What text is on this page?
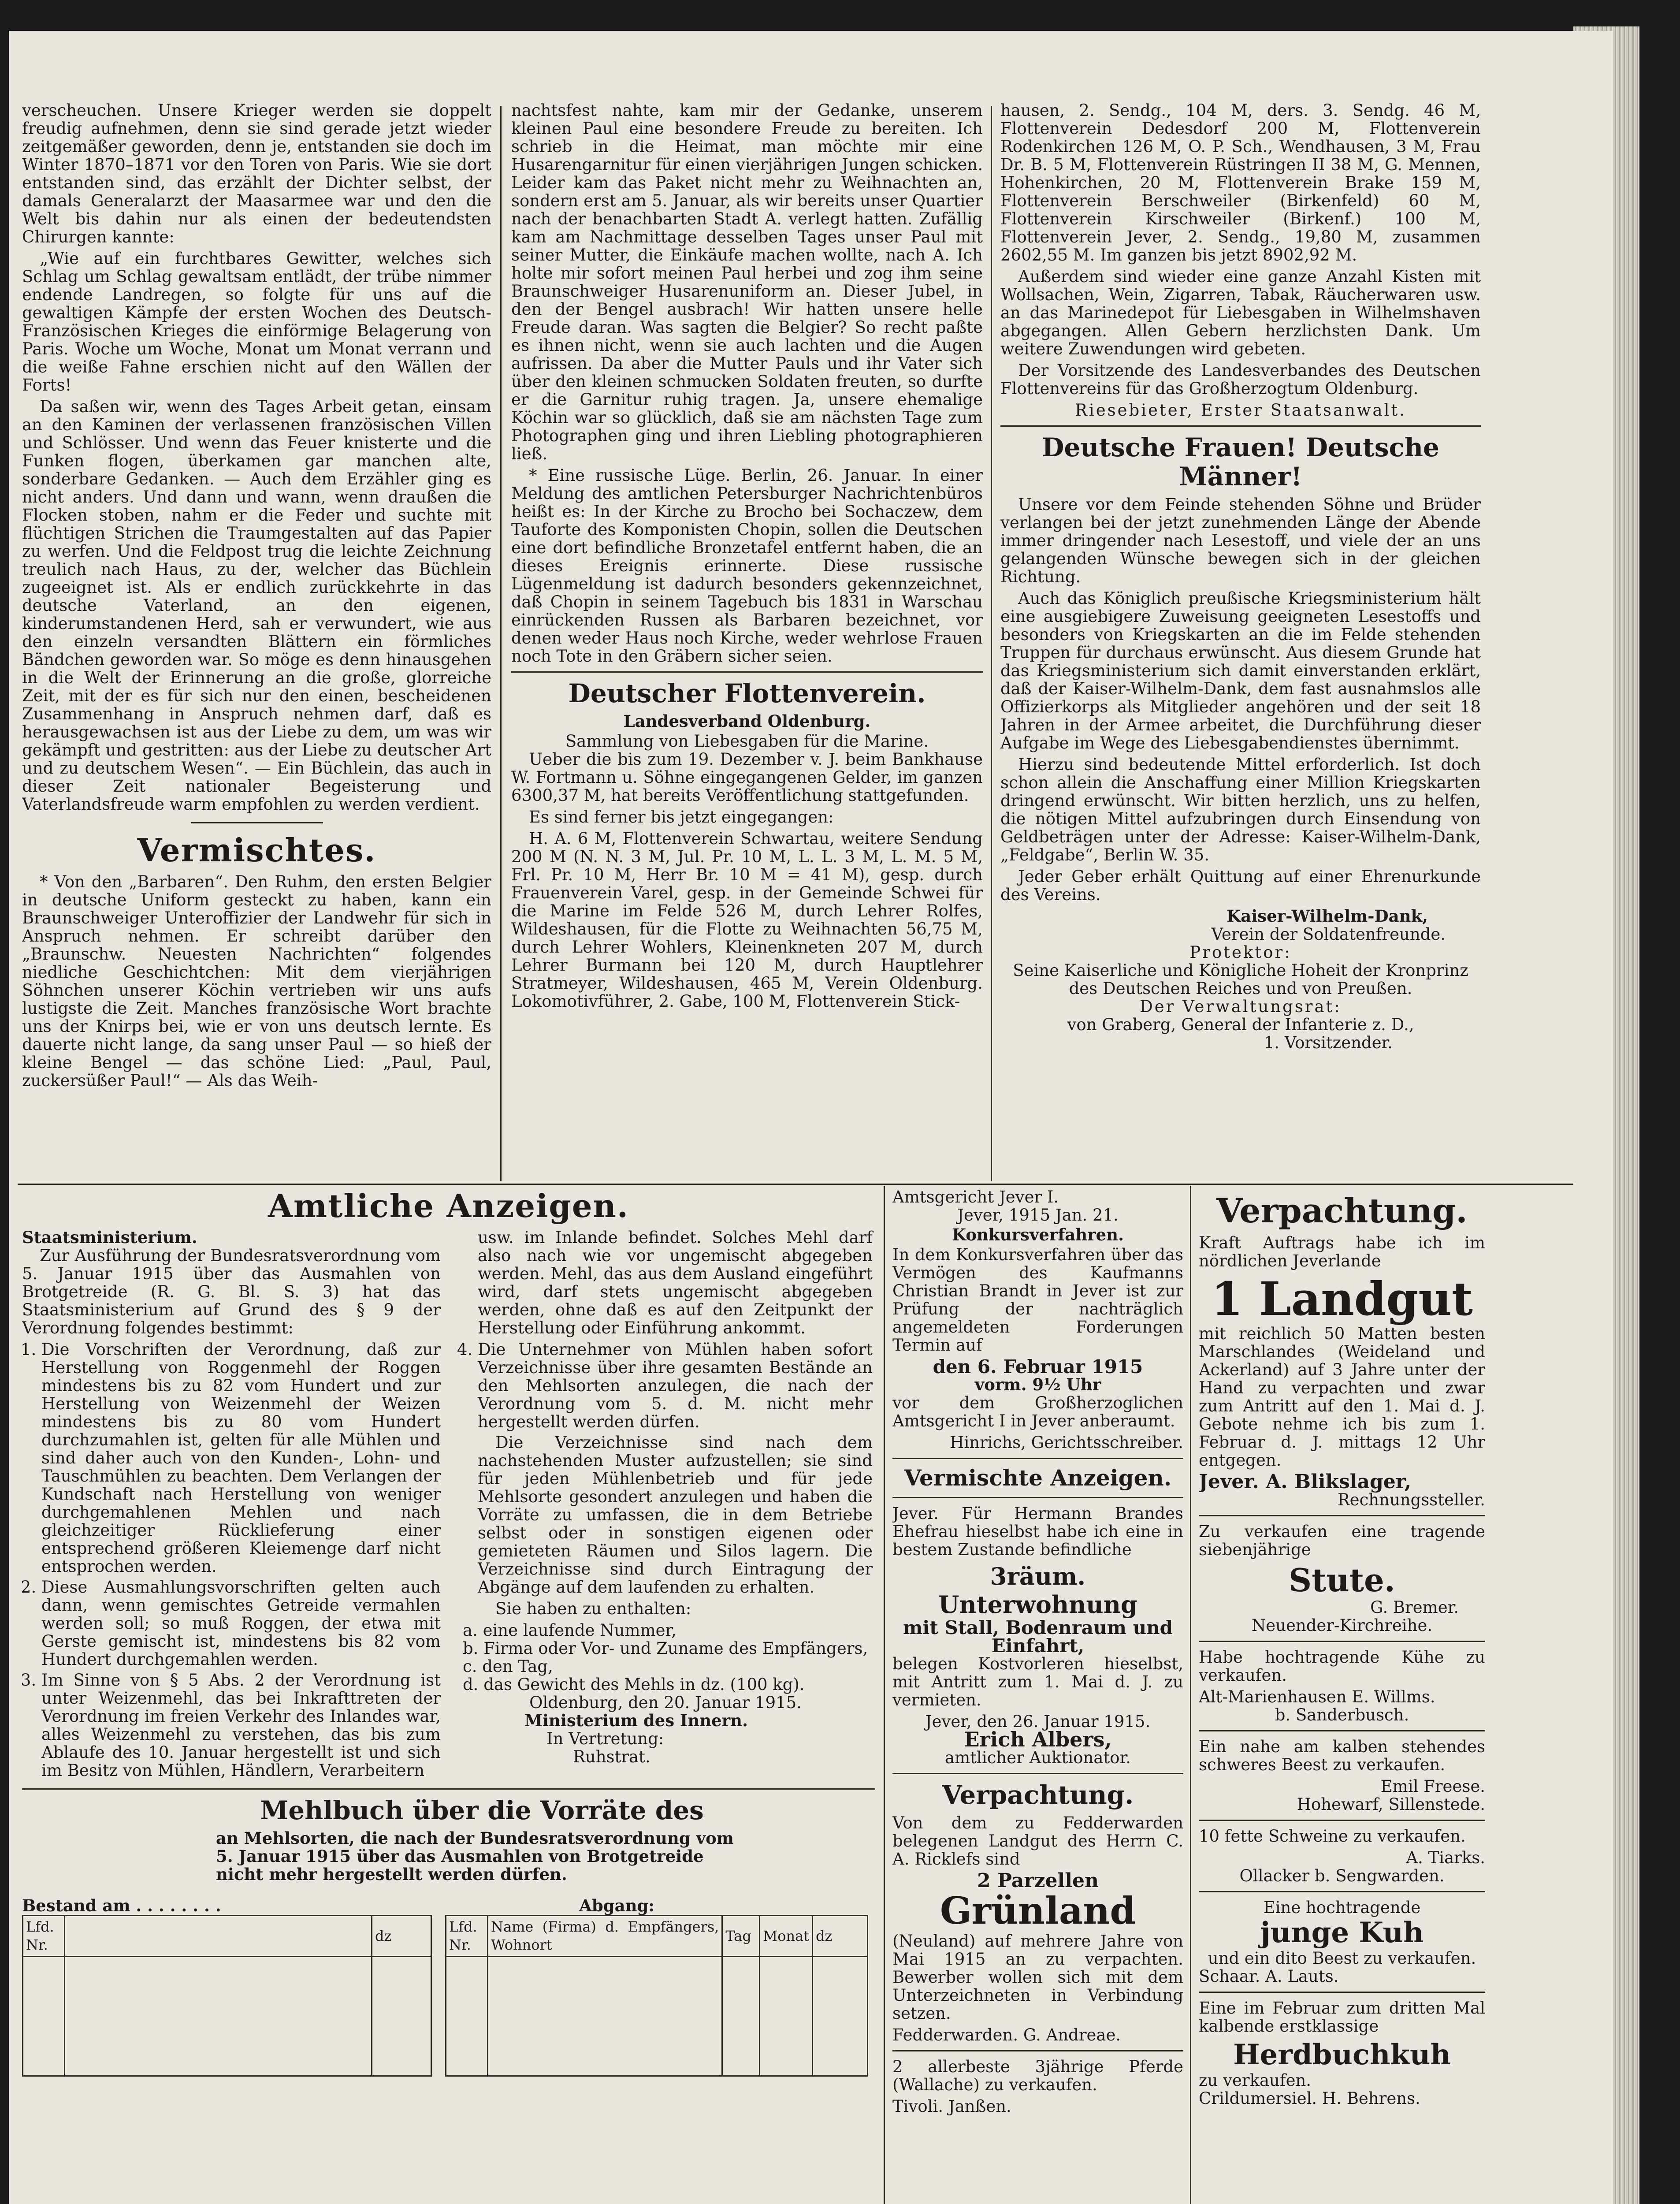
verscheuchen. Unsere Krieger werden sie doppelt freudig aufnehmen, denn sie sind gerade jetzt wieder zeitgemäßer geworden, denn je, entstanden sie doch im Winter 1870–1871 vor den Toren von Paris. Wie sie dort entstanden sind, das erzählt der Dichter selbst, der damals Generalarzt der Maasarmee war und den die Welt bis dahin nur als einen der bedeutendsten Chirurgen kannte:

„Wie auf ein furchtbares Gewitter, welches sich Schlag um Schlag gewaltsam entlädt, der trübe nimmer endende Landregen, so folgte für uns auf die gewaltigen Kämpfe der ersten Wochen des Deutsch-Französischen Krieges die einförmige Belagerung von Paris. Woche um Woche, Monat um Monat verrann und die weiße Fahne erschien nicht auf den Wällen der Forts!

Da saßen wir, wenn des Tages Arbeit getan, einsam an den Kaminen der verlassenen französischen Villen und Schlösser. Und wenn das Feuer knisterte und die Funken flogen, überkamen gar manchen alte, sonderbare Gedanken. — Auch dem Erzähler ging es nicht anders. Und dann und wann, wenn draußen die Flocken stoben, nahm er die Feder und suchte mit flüchtigen Strichen die Traumgestalten auf das Papier zu werfen. Und die Feldpost trug die leichte Zeichnung treulich nach Haus, zu der, welcher das Büchlein zugeeignet ist. Als er endlich zurückkehrte in das deutsche Vaterland, an den eigenen, kinderumstandenen Herd, sah er verwundert, wie aus den einzeln versandten Blättern ein förmliches Bändchen geworden war. So möge es denn hinausgehen in die Welt der Erinnerung an die große, glorreiche Zeit, mit der es für sich nur den einen, bescheidenen Zusammenhang in Anspruch nehmen darf, daß es herausgewachsen ist aus der Liebe zu dem, um was wir gekämpft und gestritten: aus der Liebe zu deutscher Art und zu deutschem Wesen“. — Ein Büchlein, das auch in dieser Zeit nationaler Begeisterung und Vaterlandsfreude warm empfohlen zu werden verdient.

Vermischtes.

* Von den „Barbaren“. Den Ruhm, den ersten Belgier in deutsche Uniform gesteckt zu haben, kann ein Braunschweiger Unteroffizier der Landwehr für sich in Anspruch nehmen. Er schreibt darüber den „Braunschw. Neuesten Nachrichten“ folgendes niedliche Geschichtchen: Mit dem vierjährigen Söhnchen unserer Köchin vertrieben wir uns aufs lustigste die Zeit. Manches französische Wort brachte uns der Knirps bei, wie er von uns deutsch lernte. Es dauerte nicht lange, da sang unser Paul — so hieß der kleine Bengel — das schöne Lied: „Paul, Paul, zuckersüßer Paul!“ — Als das Weih-

nachtsfest nahte, kam mir der Gedanke, unserem kleinen Paul eine besondere Freude zu bereiten. Ich schrieb in die Heimat, man möchte mir eine Husarengarnitur für einen vierjährigen Jungen schicken. Leider kam das Paket nicht mehr zu Weihnachten an, sondern erst am 5. Januar, als wir bereits unser Quartier nach der benachbarten Stadt A. verlegt hatten. Zufällig kam am Nachmittage desselben Tages unser Paul mit seiner Mutter, die Einkäufe machen wollte, nach A. Ich holte mir sofort meinen Paul herbei und zog ihm seine Braunschweiger Husarenuniform an. Dieser Jubel, in den der Bengel ausbrach! Wir hatten unsere helle Freude daran. Was sagten die Belgier? So recht paßte es ihnen nicht, wenn sie auch lachten und die Augen aufrissen. Da aber die Mutter Pauls und ihr Vater sich über den kleinen schmucken Soldaten freuten, so durfte er die Garnitur ruhig tragen. Ja, unsere ehemalige Köchin war so glücklich, daß sie am nächsten Tage zum Photographen ging und ihren Liebling photographieren ließ.

* Eine russische Lüge. Berlin, 26. Januar. In einer Meldung des amtlichen Petersburger Nachrichtenbüros heißt es: In der Kirche zu Brocho bei Sochaczew, dem Tauforte des Komponisten Chopin, sollen die Deutschen eine dort befindliche Bronzetafel entfernt haben, die an dieses Ereignis erinnerte. Diese russische Lügenmeldung ist dadurch besonders gekennzeichnet, daß Chopin in seinem Tagebuch bis 1831 in Warschau einrückenden Russen als Barbaren bezeichnet, vor denen weder Haus noch Kirche, weder wehrlose Frauen noch Tote in den Gräbern sicher seien.

Deutscher Flottenverein.
Landesverband Oldenburg.
Sammlung von Liebesgaben für die Marine.

Ueber die bis zum 19. Dezember v. J. beim Bankhause W. Fortmann u. Söhne eingegangenen Gelder, im ganzen 6300,37 M, hat bereits Veröffentlichung stattgefunden.

Es sind ferner bis jetzt eingegangen:

H. A. 6 M, Flottenverein Schwartau, weitere Sendung 200 M (N. N. 3 M, Jul. Pr. 10 M, L. L. 3 M, L. M. 5 M, Frl. Pr. 10 M, Herr Br. 10 M = 41 M), gesp. durch Frauenverein Varel, gesp. in der Gemeinde Schwei für die Marine im Felde 526 M, durch Lehrer Rolfes, Wildeshausen, für die Flotte zu Weihnachten 56,75 M, durch Lehrer Wohlers, Kleinenkneten 207 M, durch Lehrer Burmann bei 120 M, durch Hauptlehrer Stratmeyer, Wildeshausen, 465 M, Verein Oldenburg. Lokomotivführer, 2. Gabe, 100 M, Flottenverein Stick-

hausen, 2. Sendg., 104 M, ders. 3. Sendg. 46 M, Flottenverein Dedesdorf 200 M, Flottenverein Rodenkirchen 126 M, O. P. Sch., Wendhausen, 3 M, Frau Dr. B. 5 M, Flottenverein Rüstringen II 38 M, G. Mennen, Hohenkirchen, 20 M, Flottenverein Brake 159 M, Flottenverein Berschweiler (Birkenfeld) 60 M, Flottenverein Kirschweiler (Birkenf.) 100 M, Flottenverein Jever, 2. Sendg., 19,80 M, zusammen 2602,55 M. Im ganzen bis jetzt 8902,92 M.

Außerdem sind wieder eine ganze Anzahl Kisten mit Wollsachen, Wein, Zigarren, Tabak, Räucherwaren usw. an das Marinedepot für Liebesgaben in Wilhelmshaven abgegangen. Allen Gebern herzlichsten Dank. Um weitere Zuwendungen wird gebeten.

Der Vorsitzende des Landesverbandes des Deutschen Flottenvereins für das Großherzogtum Oldenburg.

Riesebieter, Erster Staatsanwalt.
Deutsche Frauen! Deutsche Männer!

Unsere vor dem Feinde stehenden Söhne und Brüder verlangen bei der jetzt zunehmenden Länge der Abende immer dringender nach Lesestoff, und viele der an uns gelangenden Wünsche bewegen sich in der gleichen Richtung.

Auch das Königlich preußische Kriegsministerium hält eine ausgiebigere Zuweisung geeigneten Lesestoffs und besonders von Kriegskarten an die im Felde stehenden Truppen für durchaus erwünscht. Aus diesem Grunde hat das Kriegsministerium sich damit einverstanden erklärt, daß der Kaiser-Wilhelm-Dank, dem fast ausnahmslos alle Offizierkorps als Mitglieder angehören und der seit 18 Jahren in der Armee arbeitet, die Durchführung dieser Aufgabe im Wege des Liebesgabendienstes übernimmt.

Hierzu sind bedeutende Mittel erforderlich. Ist doch schon allein die Anschaffung einer Million Kriegskarten dringend erwünscht. Wir bitten herzlich, uns zu helfen, die nötigen Mittel aufzubringen durch Einsendung von Geldbeträgen unter der Adresse: Kaiser-Wilhelm-Dank, „Feldgabe“, Berlin W. 35.

Jeder Geber erhält Quittung auf einer Ehrenurkunde des Vereins.

Kaiser-Wilhelm-Dank,
Verein der Soldatenfreunde.
Protektor:
Seine Kaiserliche und Königliche Hoheit der Kronprinz des Deutschen Reiches und von Preußen.
Der Verwaltungsrat:
von Graberg, General der Infanterie z. D.,
1. Vorsitzender.
Amtliche Anzeigen.
Staatsministerium.

Zur Ausführung der Bundesratsverordnung vom 5. Januar 1915 über das Ausmahlen von Brotgetreide (R. G. Bl. S. 3) hat das Staatsministerium auf Grund des § 9 der Verordnung folgendes bestimmt:

1. Die Vorschriften der Verordnung, daß zur Herstellung von Roggenmehl der Roggen mindestens bis zu 82 vom Hundert und zur Herstellung von Weizenmehl der Weizen mindestens bis zu 80 vom Hundert durchzumahlen ist, gelten für alle Mühlen und sind daher auch von den Kunden-, Lohn- und Tauschmühlen zu beachten. Dem Verlangen der Kundschaft nach Herstellung von weniger durchgemahlenen Mehlen und nach gleichzeitiger Rücklieferung einer entsprechend größeren Kleiemenge darf nicht entsprochen werden.
2. Diese Ausmahlungsvorschriften gelten auch dann, wenn gemischtes Getreide vermahlen werden soll; so muß Roggen, der etwa mit Gerste gemischt ist, mindestens bis 82 vom Hundert durchgemahlen werden.
3. Im Sinne von § 5 Abs. 2 der Verordnung ist unter Weizenmehl, das bei Inkrafttreten der Verordnung im freien Verkehr des Inlandes war, alles Weizenmehl zu verstehen, das bis zum Ablaufe des 10. Januar hergestellt ist und sich im Besitz von Mühlen, Händlern, Verarbeitern

usw. im Inlande befindet. Solches Mehl darf also nach wie vor ungemischt abgegeben werden. Mehl, das aus dem Ausland eingeführt wird, darf stets ungemischt abgegeben werden, ohne daß es auf den Zeitpunkt der Herstellung oder Einführung ankommt.

4. Die Unternehmer von Mühlen haben sofort Verzeichnisse über ihre gesamten Bestände an den Mehlsorten anzulegen, die nach der Verordnung vom 5. d. M. nicht mehr hergestellt werden dürfen.

Die Verzeichnisse sind nach dem nachstehenden Muster aufzustellen; sie sind für jeden Mühlenbetrieb und für jede Mehlsorte gesondert anzulegen und haben die Vorräte zu umfassen, die in dem Betriebe selbst oder in sonstigen eigenen oder gemieteten Räumen und Silos lagern. Die Verzeichnisse sind durch Eintragung der Abgänge auf dem laufenden zu erhalten.

Sie haben zu enthalten:

a. eine laufende Nummer,
b. Firma oder Vor- und Zuname des Empfängers,
c. den Tag,
d. das Gewicht des Mehls in dz. (100 kg).
Oldenburg, den 20. Januar 1915.
Ministerium des Innern.
In Vertretung:
Ruhstrat.
Mehlbuch über die Vorräte des
an Mehlsorten, die nach der Bundesratsverordnung vom
5. Januar 1915 über das Ausmahlen von Brotgetreide
nicht mehr hergestellt werden dürfen.
Bestand am . . . . . . . .	Abgang:
Lfd. Nr.		dz

Lfd. Nr.	Name (Firma) d. Empfängers, Wohnort	Tag	Monat	dz

Amtsgericht Jever I.
Jever, 1915 Jan. 21.
Konkursverfahren.

In dem Konkursverfahren über das Vermögen des Kaufmanns Christian Brandt in Jever ist zur Prüfung der nachträglich angemeldeten Forderungen Termin auf

den 6. Februar 1915
vorm. 9½ Uhr

vor dem Großherzoglichen Amtsgericht I in Jever anberaumt.

Hinrichs, Gerichtsschreiber.
Vermischte Anzeigen.

Jever. Für Hermann Brandes Ehefrau hieselbst habe ich eine in bestem Zustande befindliche

3räum. Unterwohnung
mit Stall, Bodenraum und Einfahrt,

belegen Kostvorleren hieselbst, mit Antritt zum 1. Mai d. J. zu vermieten.

Jever, den 26. Januar 1915.
Erich Albers,
amtlicher Auktionator.
Verpachtung.

Von dem zu Fedderwarden belegenen Landgut des Herrn C. A. Ricklefs sind

2 Parzellen
Grünland

(Neuland) auf mehrere Jahre von Mai 1915 an zu verpachten. Bewerber wollen sich mit dem Unterzeichneten in Verbindung setzen.

Fedderwarden. G. Andreae.

2 allerbeste 3jährige Pferde (Wallache) zu verkaufen.

Tivoli. Janßen.
Verpachtung.

Kraft Auftrags habe ich im nördlichen Jeverlande

1 Landgut

mit reichlich 50 Matten besten Marschlandes (Weideland und Ackerland) auf 3 Jahre unter der Hand zu verpachten und zwar zum Antritt auf den 1. Mai d. J. Gebote nehme ich bis zum 1. Februar d. J. mittags 12 Uhr entgegen.

Jever. A. Blikslager,
Rechnungssteller.

Zu verkaufen eine tragende siebenjährige

Stute.
G. Bremer.
Neuender-Kirchreihe.

Habe hochtragende Kühe zu verkaufen.

Alt-Marienhausen E. Willms.
b. Sanderbusch.

Ein nahe am kalben stehendes schweres Beest zu verkaufen.

Emil Freese.
Hohewarf, Sillenstede.

10 fette Schweine zu verkaufen.

A. Tiarks.
Ollacker b. Sengwarden.
Eine hochtragende
junge Kuh
und ein dito Beest zu verkaufen.
Schaar. A. Lauts.

Eine im Februar zum dritten Mal kalbende erstklassige

Herdbuchkuh
zu verkaufen.
Crildumersiel. H. Behrens.
